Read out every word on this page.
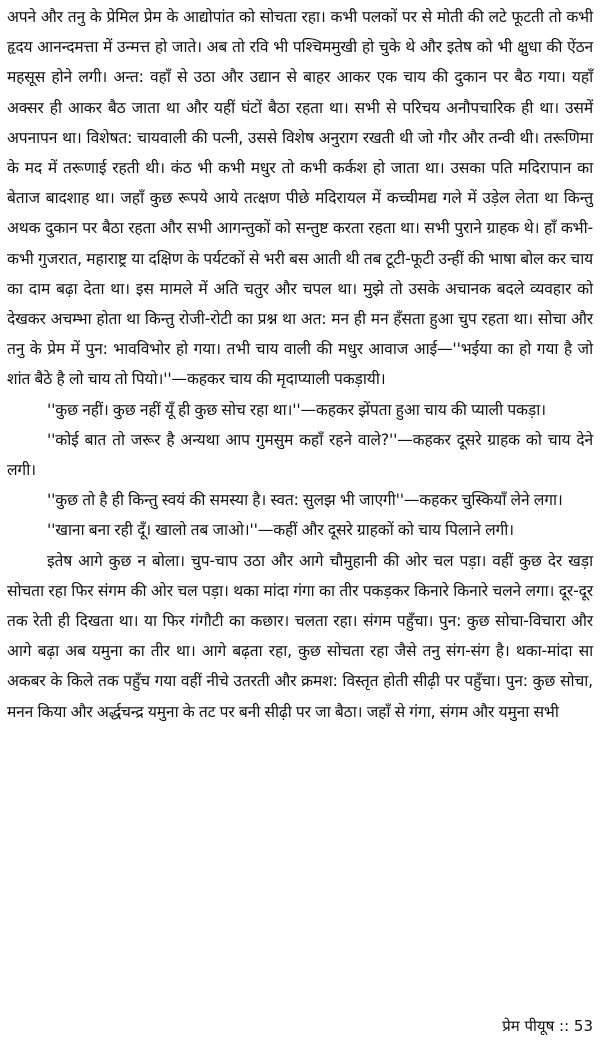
अपने और तनु के प्रेमिल प्रेम के आद्योपांत को सोचता रहा। कभी पलकों पर से मोती की लटे फूटती तो कभी हृदय आनन्दमत्ता में उन्मत्त हो जाते। अब तो रवि भी पश्चिममुखी हो चुके थे और इतेष को भी क्षुधा की ऐंठन महसूस होने लगी। अन्त: वहाँ से उठा और उद्यान से बाहर आकर एक चाय की दुकान पर बैठ गया। यहाँ अक्सर ही आकर बैठ जाता था और यहीं घंटों बैठा रहता था। सभी से परिचय अनौपचारिक ही था। उसमें अपनापन था। विशेषत: चायवाली की पत्नी, उससे विशेष अनुराग रखती थी जो गौर और तन्वी थी। तरूणिमा के मद में तरूणाई रहती थी। कंठ भी कभी मधुर तो कभी कर्कश हो जाता था। उसका पति मदिरापान का बेताज बादशाह था। जहाँ कुछ रूपये आये तत्क्षण पीछे मदिरायल में कच्चीमद्य गले में उड़ेल लेता था किन्तु अथक दुकान पर बैठा रहता और सभी आगन्तुकों को सन्तुष्ट करता रहता था। सभी पुराने ग्राहक थे। हाँ कभी-कभी गुजरात, महाराष्ट्र या दक्षिण के पर्यटकों से भरी बस आती थी तब टूटी-फूटी उन्हीं की भाषा बोल कर चाय का दाम बढ़ा देता था। इस मामले में अति चतुर और चपल था। मुझे तो उसके अचानक बदले व्यवहार को देखकर अचम्भा होता था किन्तु रोजी-रोटी का प्रश्न था अत: मन ही मन हँसता हुआ चुप रहता था। सोचा और तनु के प्रेम में पुन: भावविभोर हो गया। तभी चाय वाली की मधुर आवाज आई—''भईया का हो गया है जो शांत बैठे है लो चाय तो पियो।''—कहकर चाय की मृदाप्याली पकड़ायी।

''कुछ नहीं। कुछ नहीं यूँ ही कुछ सोच रहा था।''—कहकर झेंपता हुआ चाय की प्याली पकड़ा।

''कोई बात तो जरूर है अन्यथा आप गुमसुम कहाँ रहने वाले?''—कहकर दूसरे ग्राहक को चाय देने लगी।

''कुछ तो है ही किन्तु स्वयं की समस्या है। स्वत: सुलझ भी जाएगी''—कहकर चुस्कियाँ लेने लगा।

''खाना बना रही दूँ। खालो तब जाओ।''—कहीं और दूसरे ग्राहकों को चाय पिलाने लगी।

इतेष आगे कुछ न बोला। चुप-चाप उठा और आगे चौमुहानी की ओर चल पड़ा। वहीं कुछ देर खड़ा सोचता रहा फिर संगम की ओर चल पड़ा। थका मांदा गंगा का तीर पकड़कर किनारे किनारे चलने लगा। दूर-दूर तक रेती ही दिखता था। या फिर गंगौटी का कछार। चलता रहा। संगम पहुँचा। पुन: कुछ सोचा-विचारा और आगे बढ़ा अब यमुना का तीर था। आगे बढ़ता रहा, कुछ सोचता रहा जैसे तनु संग-संग है। थका-मांदा सा अकबर के किले तक पहुँच गया वहीं नीचे उतरती और क्रमश: विस्तृत होती सीढ़ी पर पहुँचा। पुन: कुछ सोचा, मनन किया और अर्द्धचन्द्र यमुना के तट पर बनी सीढ़ी पर जा बैठा। जहाँ से गंगा, संगम और यमुना सभी

प्रेम पीयूष :: 53
